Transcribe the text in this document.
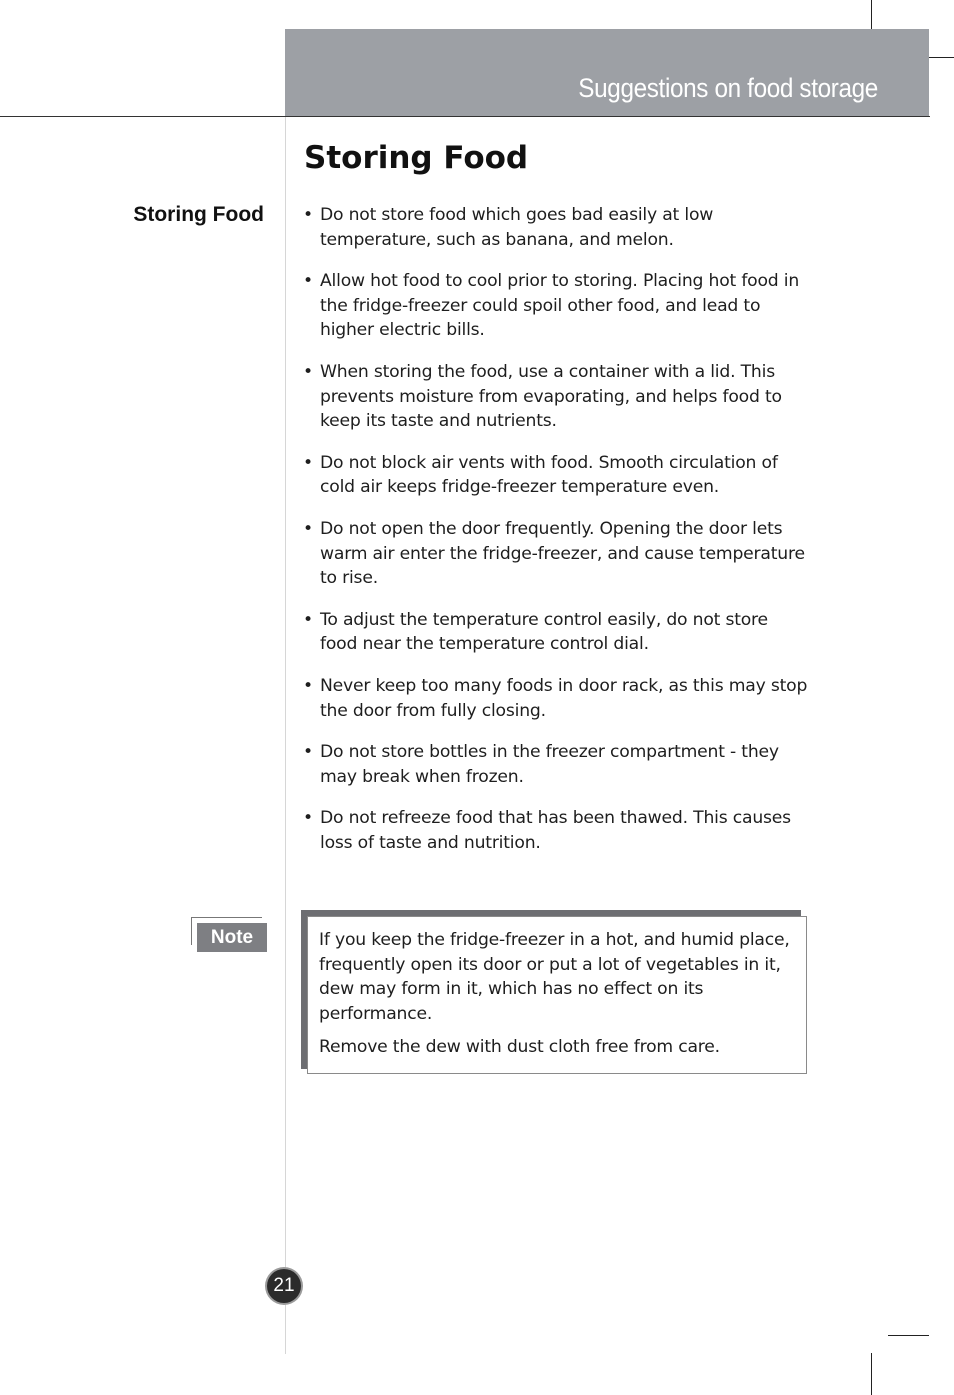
Suggestions on food storage
Storing Food
Storing Food • Do not store food which goes bad easily at low temperature, such as banana, and melon.
• Allow hot food to cool prior to storing. Placing hot food in the fridge-freezer could spoil other food, and lead to higher electric bills.
• When storing the food, use a container with a lid. This prevents moisture from evaporating, and helps food to keep its taste and nutrients.
• Do not block air vents with food. Smooth circulation of cold air keeps fridge-freezer temperature even.
• Do not open the door frequently. Opening the door lets warm air enter the fridge-freezer, and cause temperature to rise.
• To adjust the temperature control easily, do not store food near the temperature control dial.
• Never keep too many foods in door rack, as this may stop the door from fully closing.
• Do not store bottles in the freezer compartment - they may break when frozen.
• Do not refreeze food that has been thawed. This causes loss of taste and nutrition.
Note	If you keep the fridge-freezer in a hot, and humid place, frequently open its door or put a lot of vegetables in it, dew may form in it, which has no effect on its performance.

Remove the dew with dust cloth free from care.

21
